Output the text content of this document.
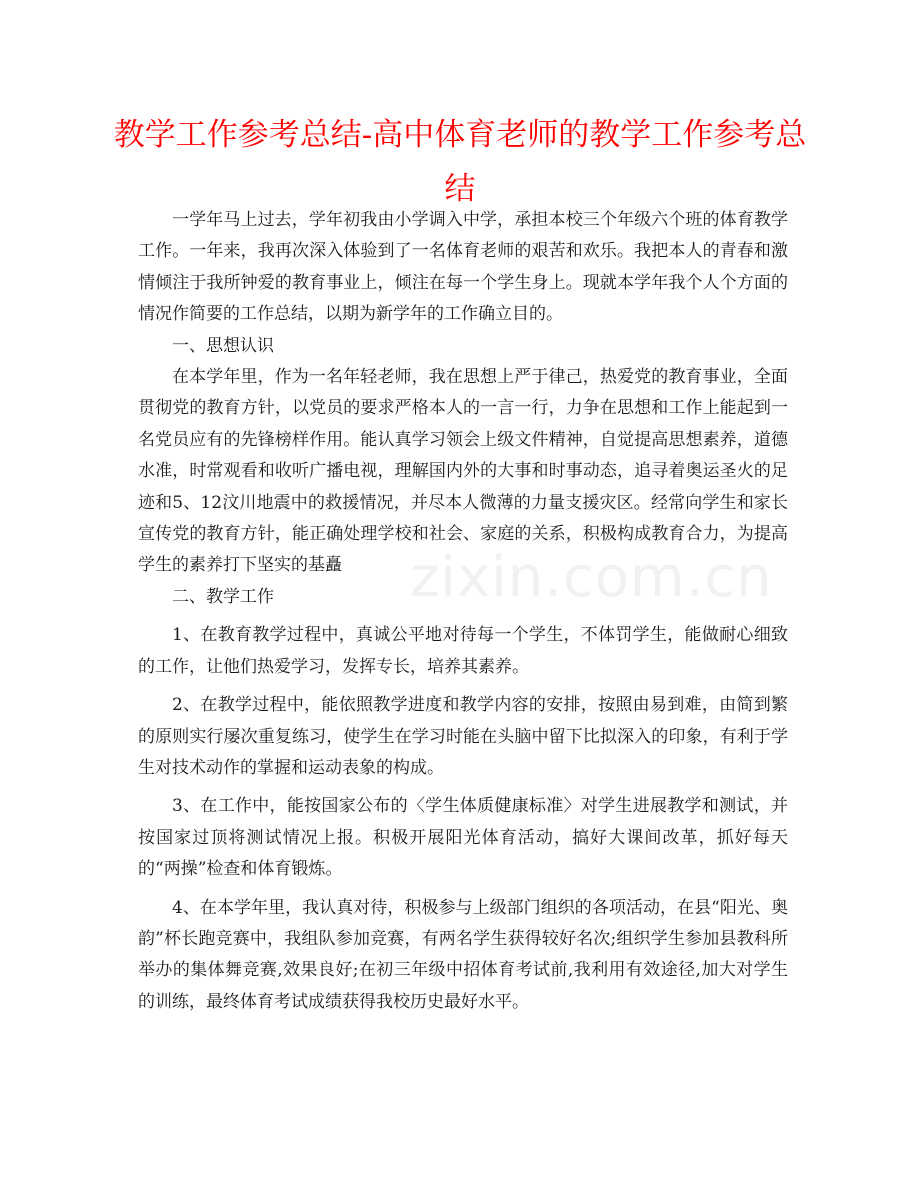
教学工作参考总结-高中体育老师的教学工作参考总结

一学年马上过去，学年初我由小学调入中学，承担本校三个年级六个班的体育教学工作。一年来，我再次深入体验到了一名体育老师的艰苦和欢乐。我把本人的青春和激情倾注于我所钟爱的教育事业上，倾注在每一个学生身上。现就本学年我个人个方面的情况作简要的工作总结，以期为新学年的工作确立目的。

一、思想认识

在本学年里，作为一名年轻老师，我在思想上严于律己，热爱党的教育事业，全面贯彻党的教育方针，以党员的要求严格本人的一言一行，力争在思想和工作上能起到一名党员应有的先锋榜样作用。能认真学习领会上级文件精神，自觉提高思想素养，道德水准，时常观看和收听广播电视，理解国内外的大事和时事动态，追寻着奥运圣火的足迹和5、12汶川地震中的救援情况，并尽本人微薄的力量支援灾区。经常向学生和家长宣传党的教育方针，能正确处理学校和社会、家庭的关系，积极构成教育合力，为提高学生的素养打下坚实的基矗

二、教学工作

1、在教育教学过程中，真诚公平地对待每一个学生，不体罚学生，能做耐心细致的工作，让他们热爱学习，发挥专长，培养其素养。

2、在教学过程中，能依照教学进度和教学内容的安排，按照由易到难，由简到繁的原则实行屡次重复练习，使学生在学习时能在头脑中留下比拟深入的印象，有利于学生对技术动作的掌握和运动表象的构成。

3、在工作中，能按国家公布的〈学生体质健康标准〉对学生进展教学和测试，并按国家过顶将测试情况上报。积极开展阳光体育活动，搞好大课间改革，抓好每天的“两操”检查和体育锻炼。

4、在本学年里，我认真对待，积极参与上级部门组织的各项活动，在县“阳光、奥韵”杯长跑竞赛中，我组队参加竞赛，有两名学生获得较好名次;组织学生参加县教科所举办的集体舞竞赛,效果良好;在初三年级中招体育考试前,我利用有效途径,加大对学生的训练，最终体育考试成绩获得我校历史最好水平。

zixin.com.cn
